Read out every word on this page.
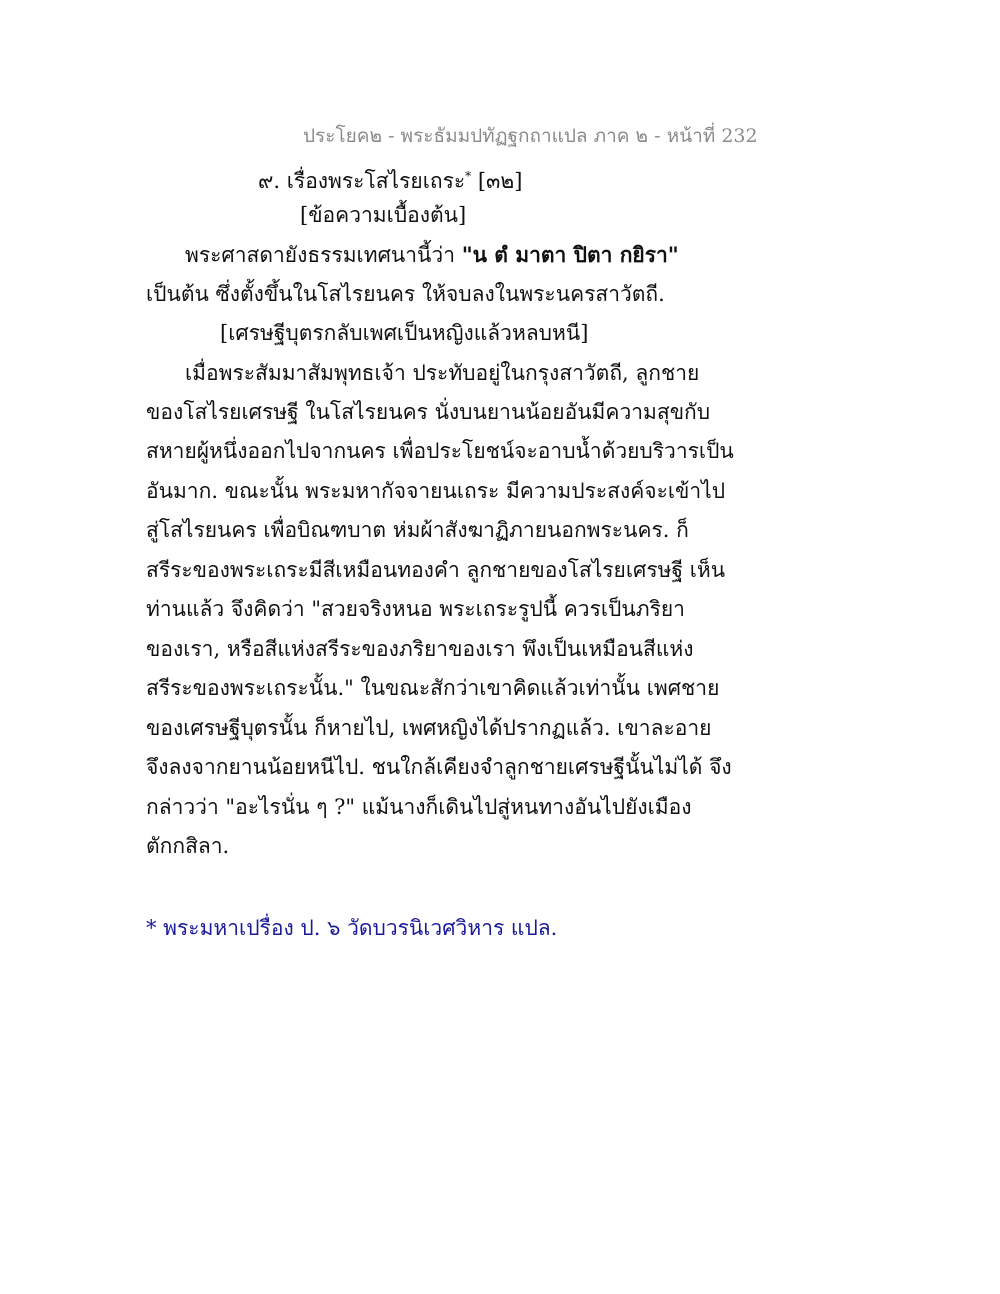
ประโยค๒ - พระธัมมปทัฏฐกถาแปล ภาค ๒ - หน้าที่ 232
๙. เรื่องพระโสไรยเถระ* [๓๒]
[ข้อความเบื้องต้น]
พระศาสดายังธรรมเทศนานี้ว่า "น ตํ มาตา ปิตา กยิรา"
เป็นต้น ซึ่งตั้งขึ้นในโสไรยนคร ให้จบลงในพระนครสาวัตถี.
[เศรษฐีบุตรกลับเพศเป็นหญิงแล้วหลบหนี]
เมื่อพระสัมมาสัมพุทธเจ้า ประทับอยู่ในกรุงสาวัตถี, ลูกชาย
ของโสไรยเศรษฐี ในโสไรยนคร นั่งบนยานน้อยอันมีความสุขกับ
สหายผู้หนึ่งออกไปจากนคร เพื่อประโยชน์จะอาบน้ำด้วยบริวารเป็น
อันมาก. ขณะนั้น พระมหากัจจายนเถระ มีความประสงค์จะเข้าไป
สู่โสไรยนคร เพื่อบิณฑบาต ห่มผ้าสังฆาฏิภายนอกพระนคร. ก็
สรีระของพระเถระมีสีเหมือนทองคำ ลูกชายของโสไรยเศรษฐี เห็น
ท่านแล้ว จึงคิดว่า "สวยจริงหนอ พระเถระรูปนี้ ควรเป็นภริยา
ของเรา, หรือสีแห่งสรีระของภริยาของเรา พึงเป็นเหมือนสีแห่ง
สรีระของพระเถระนั้น." ในขณะสักว่าเขาคิดแล้วเท่านั้น เพศชาย
ของเศรษฐีบุตรนั้น ก็หายไป, เพศหญิงได้ปรากฏแล้ว. เขาละอาย
จึงลงจากยานน้อยหนีไป. ชนใกล้เคียงจำลูกชายเศรษฐีนั้นไม่ได้ จึง
กล่าวว่า "อะไรนั่น ๆ ?" แม้นางก็เดินไปสู่หนทางอันไปยังเมือง
ตักกสิลา.
* พระมหาเปรื่อง ป. ๖ วัดบวรนิเวศวิหาร แปล.
